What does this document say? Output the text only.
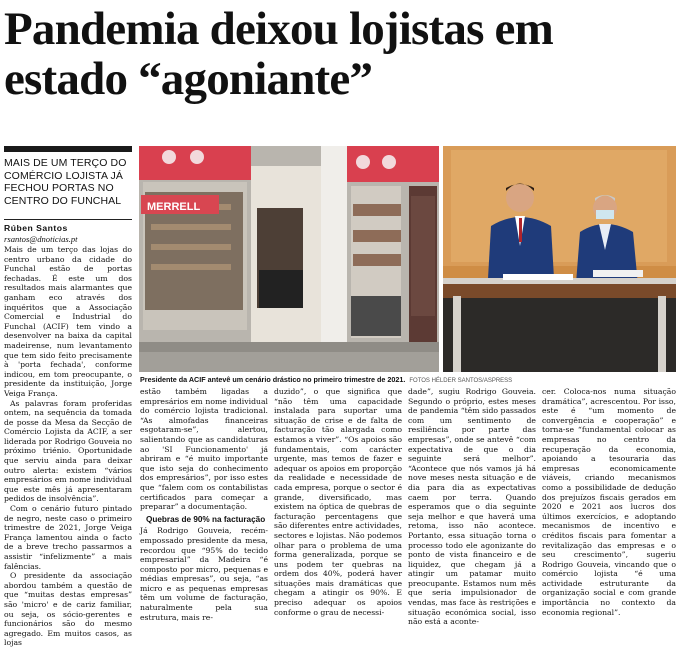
Pandemia deixou lojistas em estado “agoniante”
MAIS DE UM TERÇO DO COMÉRCIO LOJISTA JÁ FECHOU PORTAS NO CENTRO DO FUNCHAL
Rúben Santos
rsantos@dnoticias.pt

Mais de um terço das lojas do centro urbano da cidade do Funchal estão de portas fechadas. É este um dos resultados mais alarmantes que ganham eco através dos inquéritos que a Associação Comercial e Industrial do Funchal (ACIF) tem vindo a desenvolver na baixa da capital madeirense, num levantamento que tem sido feito precisamente à 'porta fechada', conforme indicou, em tom preocupante, o presidente da instituição, Jorge Veiga França.

As palavras foram proferidas ontem, na sequência da tomada de posse da Mesa da Secção de Comércio Lojista da ACIF, a ser liderada por Rodrigo Gouveia no próximo triénio. Oportunidade que serviu ainda para deixar outro alerta: existem “vários empresários em nome individual que este mês já apresentaram pedidos de insolvência”.

Com o cenário futuro pintado de negro, neste caso o primeiro trimestre de 2021, Jorge Veiga França lamentou ainda o facto de a breve trecho passarmos a assistir “infelizmente” a mais falências.

O presidente da associação abordou também a questão de que “muitas destas empresas” são 'micro' e de cariz familiar, ou seja, os sócio-gerentes e funcionários são do mesmo agregado. Em muitos casos, as lojas

MERRELL
Presidente da ACIF antevê um cenário drástico no primeiro trimestre de 2021. FOTOS HÉLDER SANTOS/ASPRESS

estão também ligadas a empresários em nome individual do comércio lojista tradicional. “As almofadas financeiras esgotaram-se”, alertou, salientando que as candidaturas ao 'SI Funcionamento' já abriram e “é muito importante que isto seja do conhecimento dos empresários”, por isso estes que “falem com os contabilistas certificados para começar a preparar” a documentação.

Quebras de 90% na facturação

Já Rodrigo Gouveia, recém-empossado presidente da mesa, recordou que “95% do tecido empresarial” da Madeira “é composto por micro, pequenas e médias empresas”, ou seja, “as micro e as pequenas empresas têm um volume de facturação, naturalmente pela sua estrutura, mais re-

duzido”, o que significa que “não têm uma capacidade instalada para suportar uma situação de crise e de falta de facturação tão alargada como estamos a viver”. “Os apoios são fundamentais, com carácter urgente, mas temos de fazer e adequar os apoios em proporção da realidade e necessidade de cada empresa, porque o sector é grande, diversificado, mas existem na óptica de quebras de facturação percentagens que são diferentes entre actividades, sectores e lojistas. Não podemos olhar para o problema de uma forma generalizada, porque se uns podem ter quebras na ordem dos 40%, poderá haver situações mais dramáticas que chegam a atingir os 90%. E preciso adequar os apoios conforme o grau de necessi-

dade”, sugiu Rodrigo Gouveia. Segundo o próprio, estes meses de pandemia “têm sido passados com um sentimento de resiliência por parte das empresas”, onde se antevê “com expectativa de que o dia seguinte será melhor”. “Acontece que nós vamos já há nove meses nesta situação e de dia para dia as expectativas caem por terra. Quando esperamos que o dia seguinte seja melhor e que haverá uma retoma, isso não acontece. Portanto, essa situação torna o processo todo ele agonizante do ponto de vista financeiro e de liquidez, que chegam já a atingir um patamar muito preocupante. Estamos num mês que seria impulsionador de vendas, mas face às restrições e situação económica social, isso não está a aconte-

cer. Coloca-nos numa situação dramática”, acrescentou. Por isso, este é “um momento de convergência e cooperação” e torna-se “fundamental colocar as empresas no centro da recuperação da economia, apoiando a tesouraria das empresas economicamente viáveis, criando mecanismos como a possibilidade de dedução dos prejuízos fiscais gerados em 2020 e 2021 aos lucros dos últimos exercícios, e adoptando mecanismos de incentivo e créditos fiscais para fomentar a revitalização das empresas e o seu crescimento”, sugeriu Rodrigo Gouveia, vincando que o comércio lojista “é uma actividade estruturante da organização social e com grande importância no contexto da economia regional”.
